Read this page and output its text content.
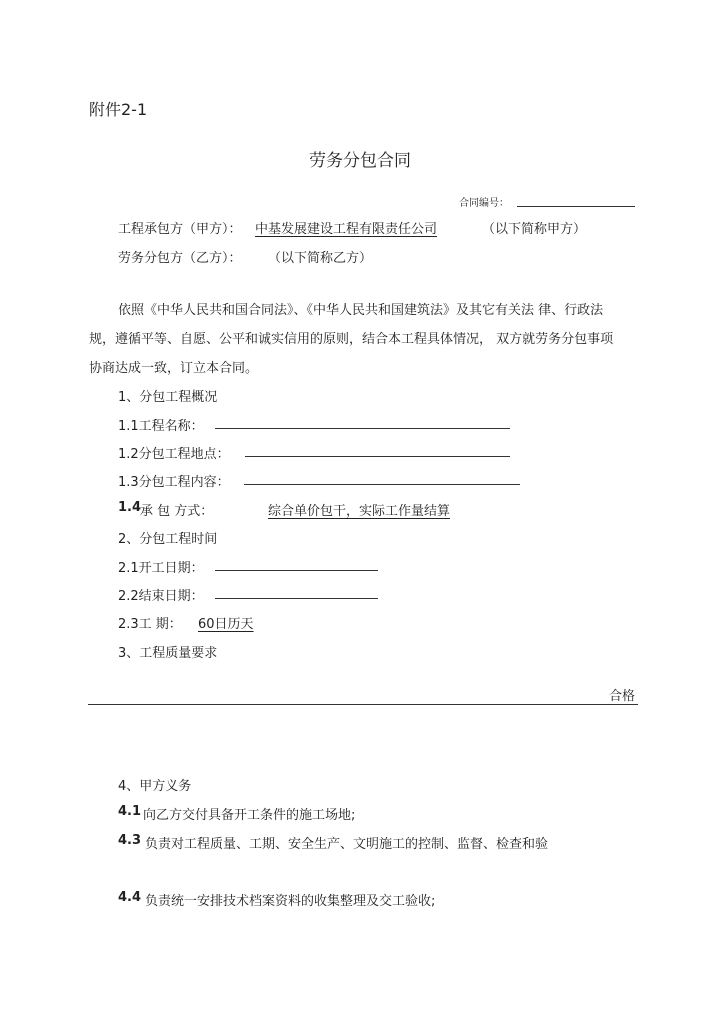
附件2-1
劳务分包合同
合同编号：
工程承包方（甲方）： 中基发展建设工程有限责任公司	（以下简称甲方）
劳务分包方（乙方）： （以下简称乙方）
依照《中华人民共和国合同法》、《中华人民共和国建筑法》及其它有关法 律、行政法
规，遵循平等、自愿、公平和诚实信用的原则，结合本工程具体情况， 双方就劳务分包事项
协商达成一致，订立本合同。
1、分包工程概况
1.1工程名称：
1.2分包工程地点：
1.3分包工程内容：
1.4
承 包 方式：	综合单价包干，实际工作量结算
2、分包工程时间
2.1开工日期：
2.2结束日期：
2.3工 期： 60日历天
3、工程质量要求
合格
4、甲方义务
4.1 向乙方交付具备开工条件的施工场地;
4.3 负责对工程质量、工期、安全生产、文明施工的控制、监督、检查和验
4.4 负责统一安排技术档案资料的收集整理及交工验收;
